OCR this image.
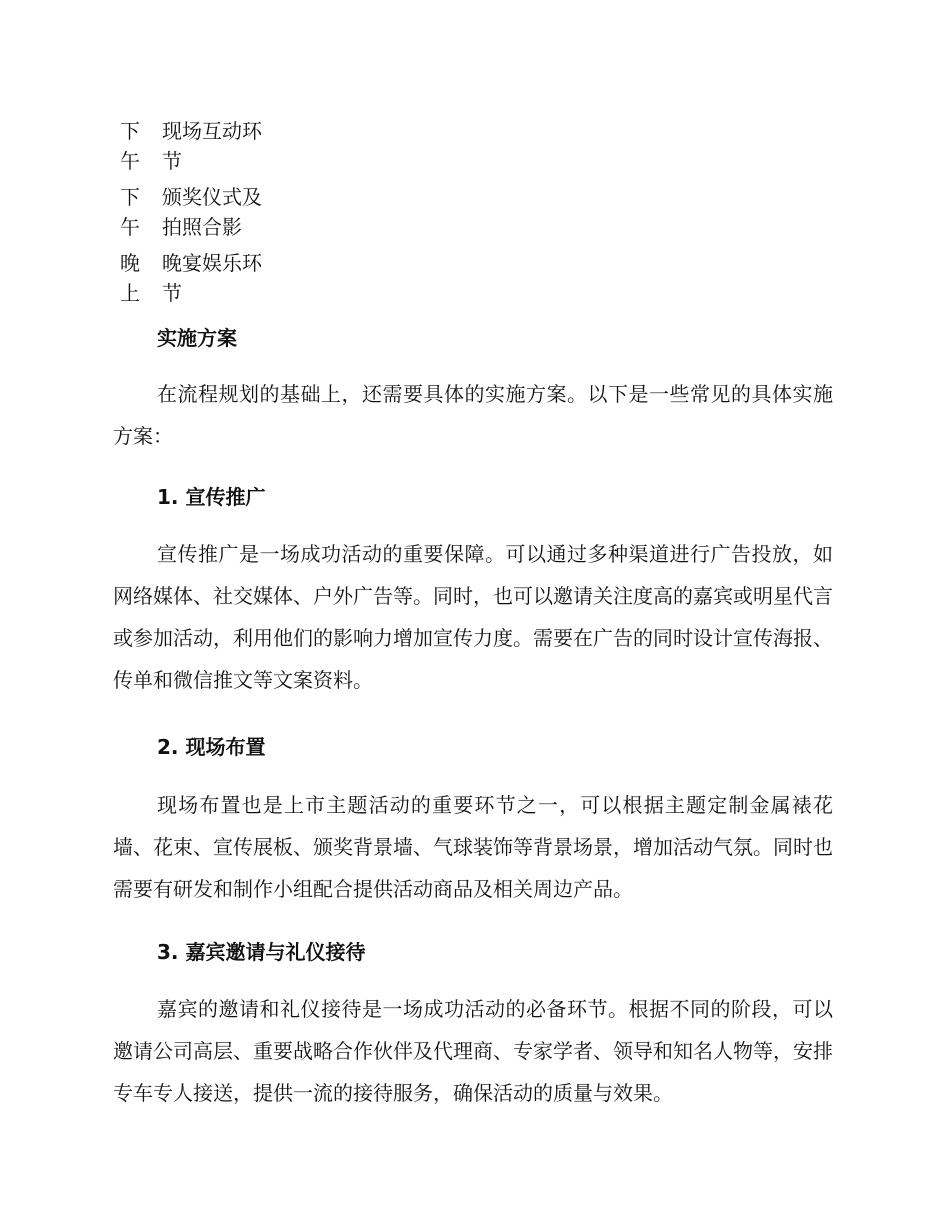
下
午
现场互动环
节
下
午
颁奖仪式及
拍照合影
晚
上
晚宴娱乐环
节
实施方案

在流程规划的基础上，还需要具体的实施方案。以下是一些常见的具体实施方案：

1. 宣传推广

宣传推广是一场成功活动的重要保障。可以通过多种渠道进行广告投放，如网络媒体、社交媒体、户外广告等。同时，也可以邀请关注度高的嘉宾或明星代言或参加活动，利用他们的影响力增加宣传力度。需要在广告的同时设计宣传海报、传单和微信推文等文案资料。

2. 现场布置

现场布置也是上市主题活动的重要环节之一，可以根据主题定制金属裱花墙、花束、宣传展板、颁奖背景墙、气球装饰等背景场景，增加活动气氛。同时也需要有研发和制作小组配合提供活动商品及相关周边产品。

3. 嘉宾邀请与礼仪接待

嘉宾的邀请和礼仪接待是一场成功活动的必备环节。根据不同的阶段，可以邀请公司高层、重要战略合作伙伴及代理商、专家学者、领导和知名人物等，安排专车专人接送，提供一流的接待服务，确保活动的质量与效果。
